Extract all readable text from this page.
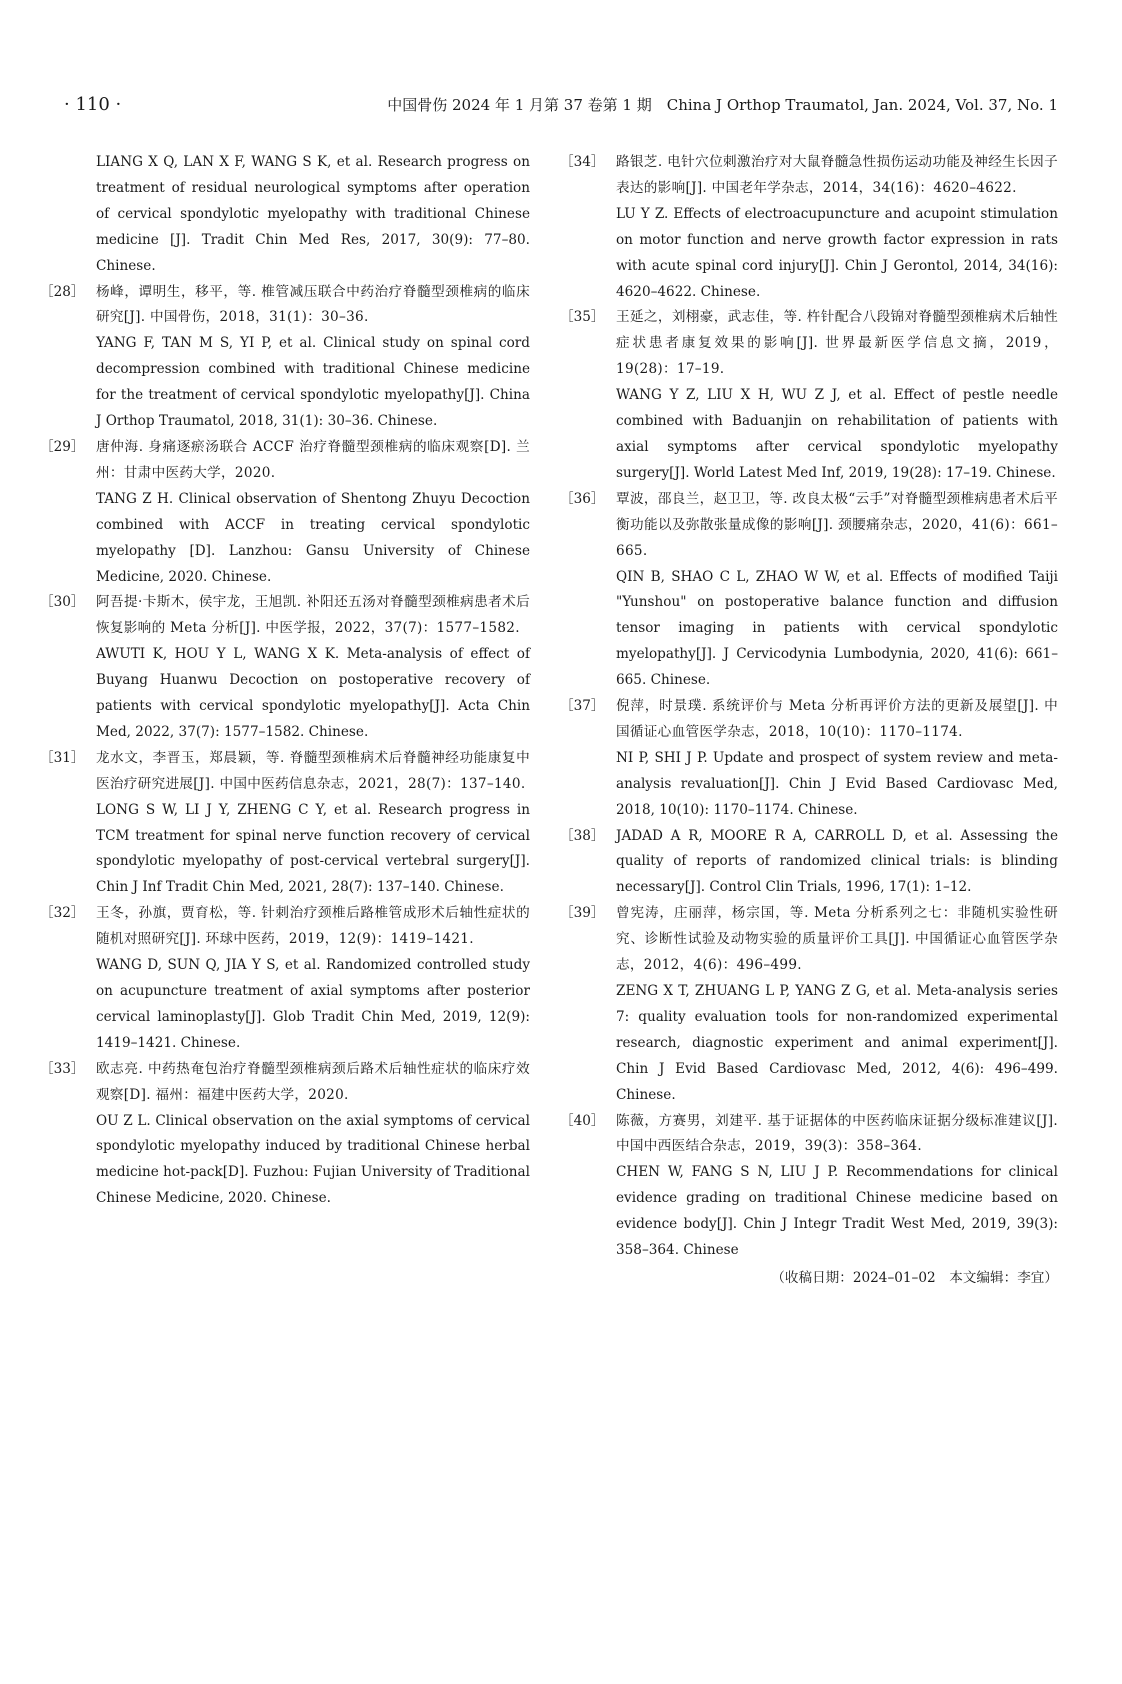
· 110 ·	中国骨伤 2024 年 1 月第 37 卷第 1 期　China J Orthop Traumatol, Jan. 2024, Vol. 37, No. 1
LIANG X Q, LAN X F, WANG S K, et al. Research progress on treatment of residual neurological symptoms after operation of cervical spondylotic myelopathy with traditional Chinese medicine [J]. Tradit Chin Med Res, 2017, 30(9): 77–80. Chinese.
［28］ 杨峰，谭明生，移平，等. 椎管减压联合中药治疗脊髓型颈椎病的临床研究[J]. 中国骨伤，2018，31(1)：30–36.
YANG F, TAN M S, YI P, et al. Clinical study on spinal cord decompression combined with traditional Chinese medicine for the treatment of cervical spondylotic myelopathy[J]. China J Orthop Traumatol, 2018, 31(1): 30–36. Chinese.
［29］ 唐仲海. 身痛逐瘀汤联合 ACCF 治疗脊髓型颈椎病的临床观察[D]. 兰州：甘肃中医药大学，2020.
TANG Z H. Clinical observation of Shentong Zhuyu Decoction combined with ACCF in treating cervical spondylotic myelopathy [D]. Lanzhou: Gansu University of Chinese Medicine, 2020. Chinese.
［30］ 阿吾提·卡斯木，侯宇龙，王旭凯. 补阳还五汤对脊髓型颈椎病患者术后恢复影响的 Meta 分析[J]. 中医学报，2022，37(7)：1577–1582.
AWUTI K, HOU Y L, WANG X K. Meta-analysis of effect of Buyang Huanwu Decoction on postoperative recovery of patients with cervical spondylotic myelopathy[J]. Acta Chin Med, 2022, 37(7): 1577–1582. Chinese.
［31］ 龙水文，李晋玉，郑晨颖，等. 脊髓型颈椎病术后脊髓神经功能康复中医治疗研究进展[J]. 中国中医药信息杂志，2021，28(7)：137–140.
LONG S W, LI J Y, ZHENG C Y, et al. Research progress in TCM treatment for spinal nerve function recovery of cervical spondylotic myelopathy of post-cervical vertebral surgery[J]. Chin J Inf Tradit Chin Med, 2021, 28(7): 137–140. Chinese.
［32］ 王冬，孙旗，贾育松，等. 针刺治疗颈椎后路椎管成形术后轴性症状的随机对照研究[J]. 环球中医药，2019，12(9)：1419–1421.
WANG D, SUN Q, JIA Y S, et al. Randomized controlled study on acupuncture treatment of axial symptoms after posterior cervical laminoplasty[J]. Glob Tradit Chin Med, 2019, 12(9): 1419–1421. Chinese.
［33］ 欧志亮. 中药热奄包治疗脊髓型颈椎病颈后路术后轴性症状的临床疗效观察[D]. 福州：福建中医药大学，2020.
OU Z L. Clinical observation on the axial symptoms of cervical spondylotic myelopathy induced by traditional Chinese herbal medicine hot-pack[D]. Fuzhou: Fujian University of Traditional Chinese Medicine, 2020. Chinese.
［34］ 路银芝. 电针穴位刺激治疗对大鼠脊髓急性损伤运动功能及神经生长因子表达的影响[J]. 中国老年学杂志，2014，34(16)：4620–4622.
LU Y Z. Effects of electroacupuncture and acupoint stimulation on motor function and nerve growth factor expression in rats with acute spinal cord injury[J]. Chin J Gerontol, 2014, 34(16): 4620–4622. Chinese.
［35］ 王延之，刘栩豪，武志佳，等. 杵针配合八段锦对脊髓型颈椎病术后轴性症状患者康复效果的影响[J]. 世界最新医学信息文摘，2019，19(28)：17–19.
WANG Y Z, LIU X H, WU Z J, et al. Effect of pestle needle combined with Baduanjin on rehabilitation of patients with axial symptoms after cervical spondylotic myelopathy surgery[J]. World Latest Med Inf, 2019, 19(28): 17–19. Chinese.
［36］ 覃波，邵良兰，赵卫卫，等. 改良太极“云手”对脊髓型颈椎病患者术后平衡功能以及弥散张量成像的影响[J]. 颈腰痛杂志，2020，41(6)：661–665.
QIN B, SHAO C L, ZHAO W W, et al. Effects of modified Taiji "Yunshou" on postoperative balance function and diffusion tensor imaging in patients with cervical spondylotic myelopathy[J]. J Cervicodynia Lumbodynia, 2020, 41(6): 661–665. Chinese.
［37］ 倪萍，时景璞. 系统评价与 Meta 分析再评价方法的更新及展望[J]. 中国循证心血管医学杂志，2018，10(10)：1170–1174.
NI P, SHI J P. Update and prospect of system review and meta-analysis revaluation[J]. Chin J Evid Based Cardiovasc Med, 2018, 10(10): 1170–1174. Chinese.
［38］ JADAD A R, MOORE R A, CARROLL D, et al. Assessing the quality of reports of randomized clinical trials: is blinding necessary[J]. Control Clin Trials, 1996, 17(1): 1–12.
［39］ 曾宪涛，庄丽萍，杨宗国，等. Meta 分析系列之七：非随机实验性研究、诊断性试验及动物实验的质量评价工具[J]. 中国循证心血管医学杂志，2012，4(6)：496–499.
ZENG X T, ZHUANG L P, YANG Z G, et al. Meta-analysis series 7: quality evaluation tools for non-randomized experimental research, diagnostic experiment and animal experiment[J]. Chin J Evid Based Cardiovasc Med, 2012, 4(6): 496–499. Chinese.
［40］ 陈薇，方赛男，刘建平. 基于证据体的中医药临床证据分级标准建议[J]. 中国中西医结合杂志，2019，39(3)：358–364.
CHEN W, FANG S N, LIU J P. Recommendations for clinical evidence grading on traditional Chinese medicine based on evidence body[J]. Chin J Integr Tradit West Med, 2019, 39(3): 358–364. Chinese
（收稿日期：2024–01–02　本文编辑：李宜）
